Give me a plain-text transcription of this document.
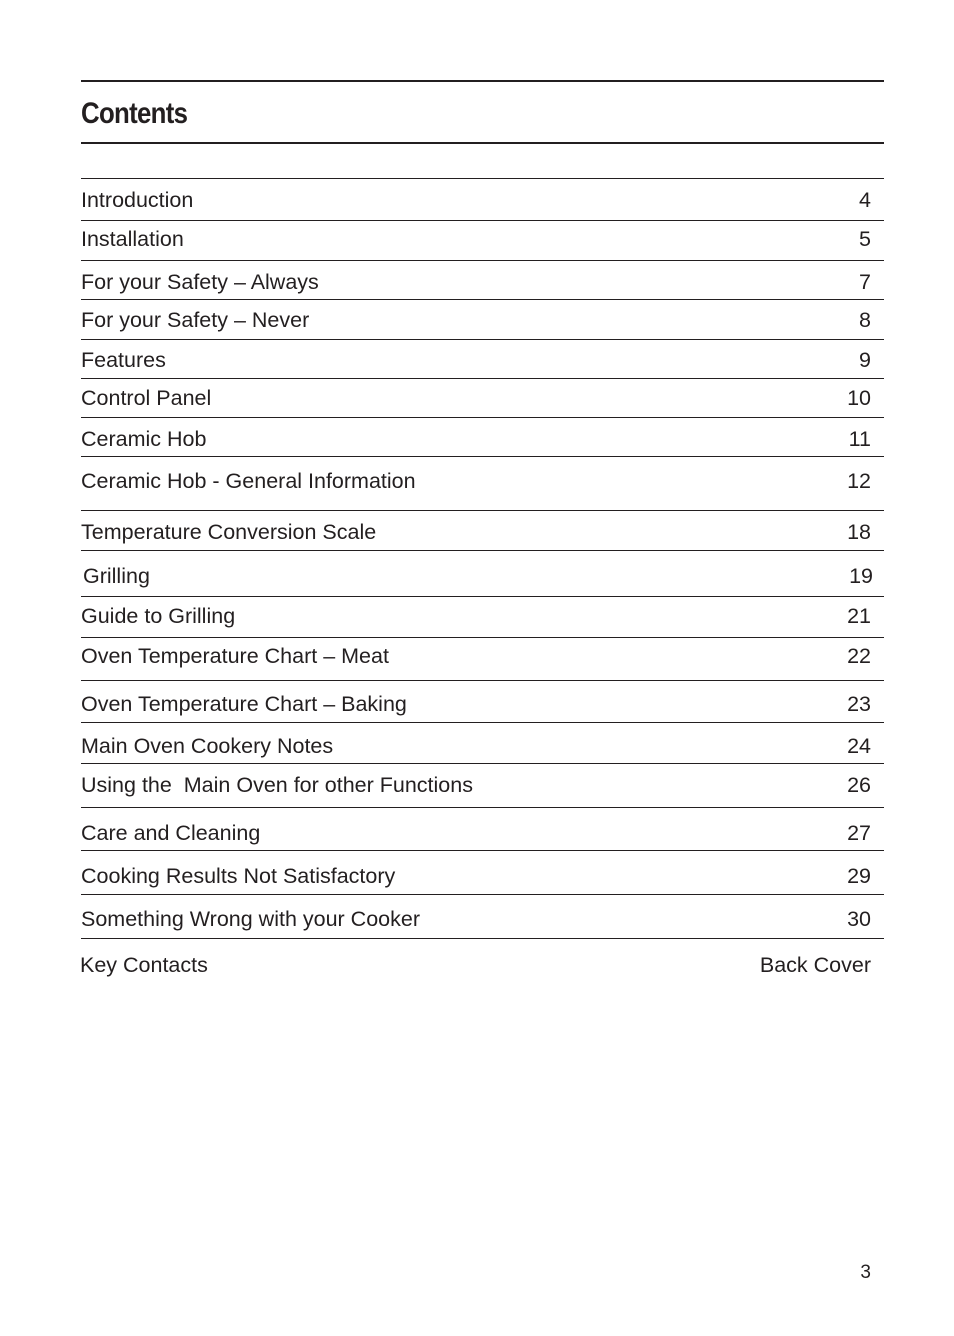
Contents
Introduction	4
Installation	5
For your Safety – Always	7
For your Safety – Never	8
Features	9
Control Panel	10
Ceramic Hob	11
Ceramic Hob - General Information	12
Temperature Conversion Scale	18
Grilling	19
Guide to Grilling	21
Oven Temperature Chart – Meat	22
Oven Temperature Chart – Baking	23
Main Oven Cookery Notes	24
Using the  Main Oven for other Functions	26
Care and Cleaning	27
Cooking Results Not Satisfactory	29
Something Wrong with your Cooker	30
Key Contacts	Back Cover
3
